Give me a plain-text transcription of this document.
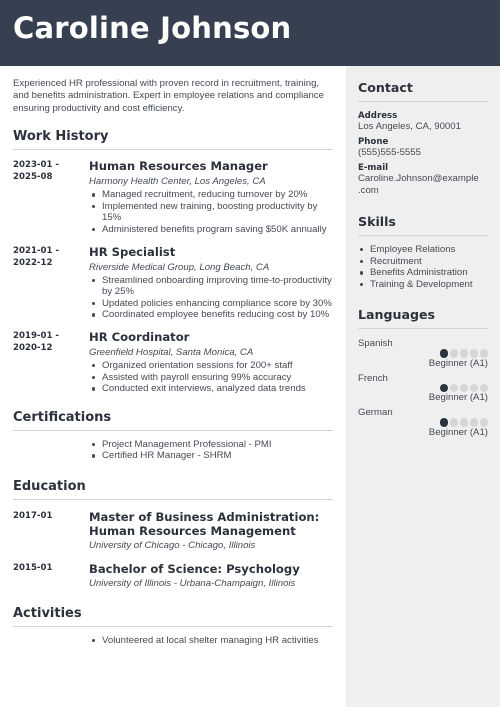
Caroline Johnson

Experienced HR professional with proven record in recruitment, training, and benefits administration. Expert in employee relations and compliance ensuring productivity and cost efficiency.

Work History
2023-01 -
2025-08

Human Resources Manager

Harmony Health Center, Los Angeles, CA

Managed recruitment, reducing turnover by 20%
Implemented new training, boosting productivity by 15%
Administered benefits program saving $50K annually
2021-01 -
2022-12

HR Specialist

Riverside Medical Group, Long Beach, CA

Streamlined onboarding improving time-to-productivity by 25%
Updated policies enhancing compliance score by 30%
Coordinated employee benefits reducing cost by 10%
2019-01 -
2020-12

HR Coordinator

Greenfield Hospital, Santa Monica, CA

Organized orientation sessions for 200+ staff
Assisted with payroll ensuring 99% accuracy
Conducted exit interviews, analyzed data trends
Certifications
Project Management Professional - PMI
Certified HR Manager - SHRM
Education
2017-01	Master of Business Administration: Human Resources Management

University of Chicago - Chicago, Illinois

2015-01	Bachelor of Science: Psychology

University of Illinois - Urbana-Champaign, Illinois

Activities
Volunteered at local shelter managing HR activities
Contact
Address
Los Angeles, CA, 90001
Phone
(555)555-5555
E-mail
Caroline.Johnson@example
.com
Skills
Employee Relations
Recruitment
Benefits Administration
Training & Development
Languages
Spanish
Beginner (A1)
French
Beginner (A1)
German
Beginner (A1)
